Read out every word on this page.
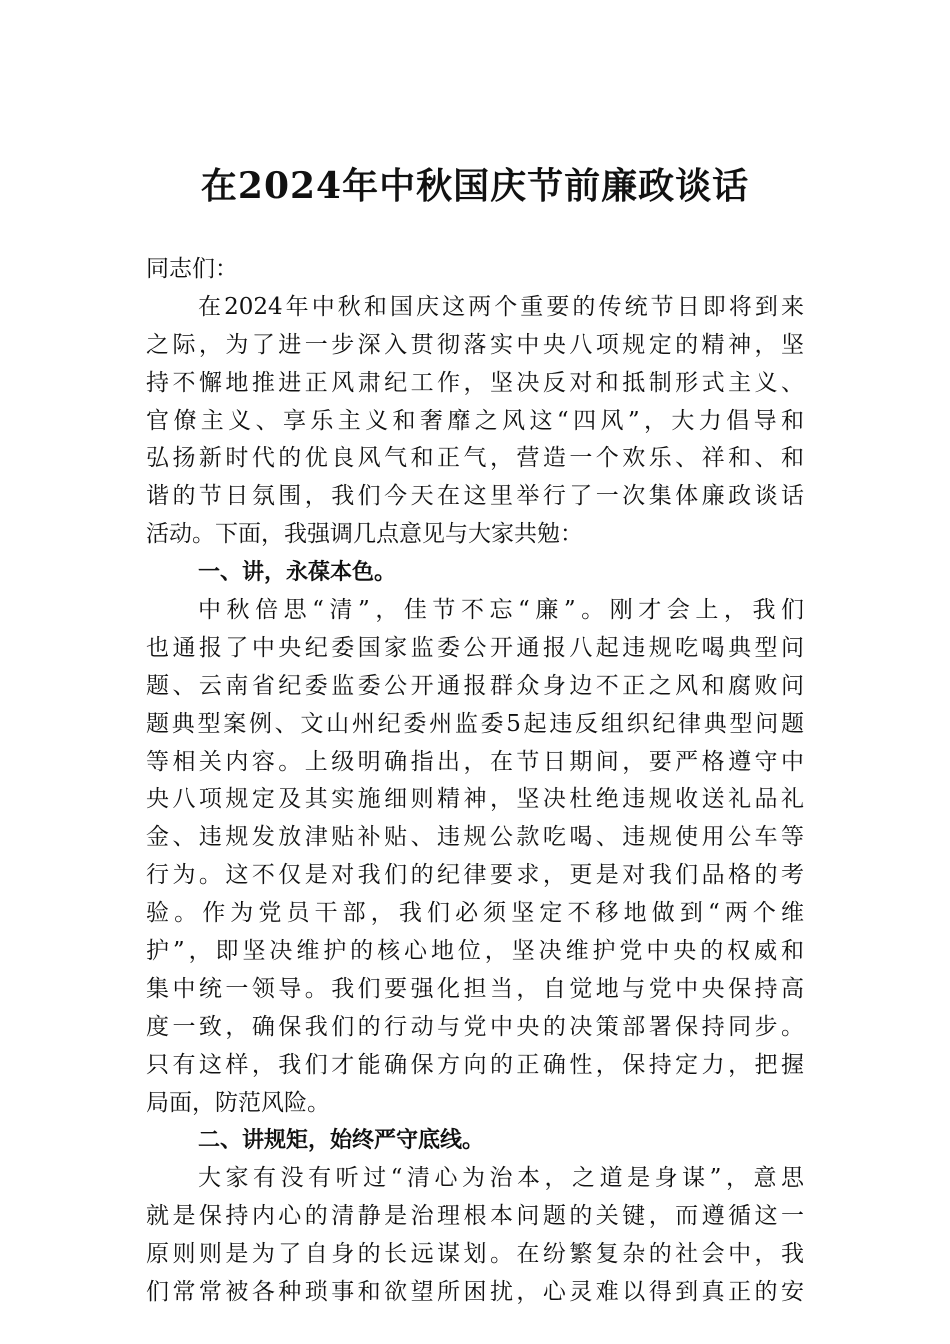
在2024年中秋国庆节前廉政谈话
同志们：
在2024年中秋和国庆这两个重要的传统节日即将到来
之际，为了进一步深入贯彻落实中央八项规定的精神，坚
持不懈地推进正风肃纪工作，坚决反对和抵制形式主义、
官僚主义、享乐主义和奢靡之风这“四风”，大力倡导和
弘扬新时代的优良风气和正气，营造一个欢乐、祥和、和
谐的节日氛围，我们今天在这里举行了一次集体廉政谈话
活动。下面，我强调几点意见与大家共勉：
一、讲，永葆本色。
中秋倍思“清”，佳节不忘“廉”。刚才会上，我们
也通报了中央纪委国家监委公开通报八起违规吃喝典型问
题、云南省纪委监委公开通报群众身边不正之风和腐败问
题典型案例、文山州纪委州监委5起违反组织纪律典型问题
等相关内容。上级明确指出，在节日期间，要严格遵守中
央八项规定及其实施细则精神，坚决杜绝违规收送礼品礼
金、违规发放津贴补贴、违规公款吃喝、违规使用公车等
行为。这不仅是对我们的纪律要求，更是对我们品格的考
验。作为党员干部，我们必须坚定不移地做到“两个维
护”，即坚决维护的核心地位，坚决维护党中央的权威和
集中统一领导。我们要强化担当，自觉地与党中央保持高
度一致，确保我们的行动与党中央的决策部署保持同步。
只有这样，我们才能确保方向的正确性，保持定力，把握
局面，防范风险。
二、讲规矩，始终严守底线。
大家有没有听过“清心为治本，之道是身谋”，意思
就是保持内心的清静是治理根本问题的关键，而遵循这一
原则则是为了自身的长远谋划。在纷繁复杂的社会中，我
们常常被各种琐事和欲望所困扰，心灵难以得到真正的安
